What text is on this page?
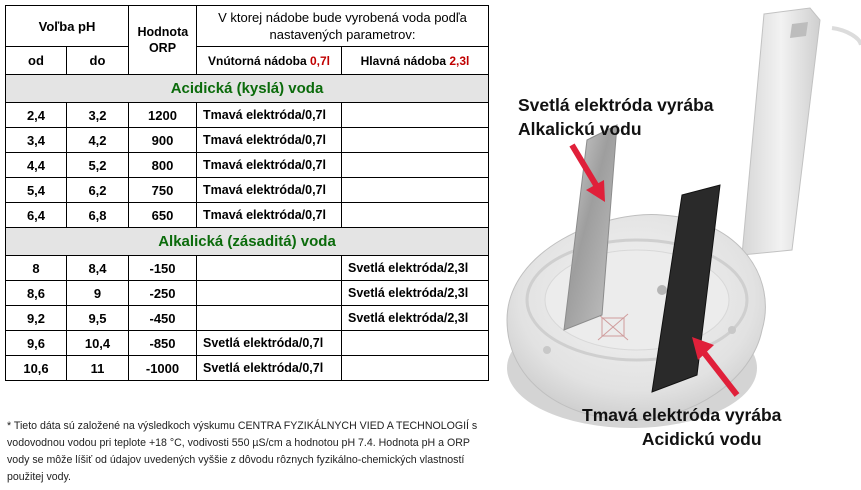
Voľba pH		Hodnota ORP	V ktorej nádobe bude vyrobená voda podľa nastavených parametrov:	
od	do		Vnútorná nádoba 0,7l	Hlavná nádoba 2,3l
Acidická (kyslá) voda				
2,4	3,2	1200	Tmavá elektróda/0,7l	
3,4	4,2	900	Tmavá elektróda/0,7l	
4,4	5,2	800	Tmavá elektróda/0,7l	
5,4	6,2	750	Tmavá elektróda/0,7l	
6,4	6,8	650	Tmavá elektróda/0,7l	
Alkalická (zásaditá) voda				
8	8,4	-150		Svetlá elektróda/2,3l
8,6	9	-250		Svetlá elektróda/2,3l
9,2	9,5	-450		Svetlá elektróda/2,3l
9,6	10,4	-850	Svetlá elektróda/0,7l	
10,6	11	-1000	Svetlá elektróda/0,7l	
* Tieto dáta sú založené na výsledkoch výskumu CENTRA FYZIKÁLNYCH VIED A TECHNOLOGIÍ s vodovodnou vodou pri teplote +18 °C, vodivosti 550 µS/cm a hodnotou pH 7.4. Hodnota pH a ORP vody se môže líšiť od údajov uvedených vyššie z dôvodu rôznych fyzikálno-chemických vlastností použitej vody.
Svetlá elektróda vyrába
Alkalickú vodu
Tmavá elektróda vyrába
Acidickú vodu
